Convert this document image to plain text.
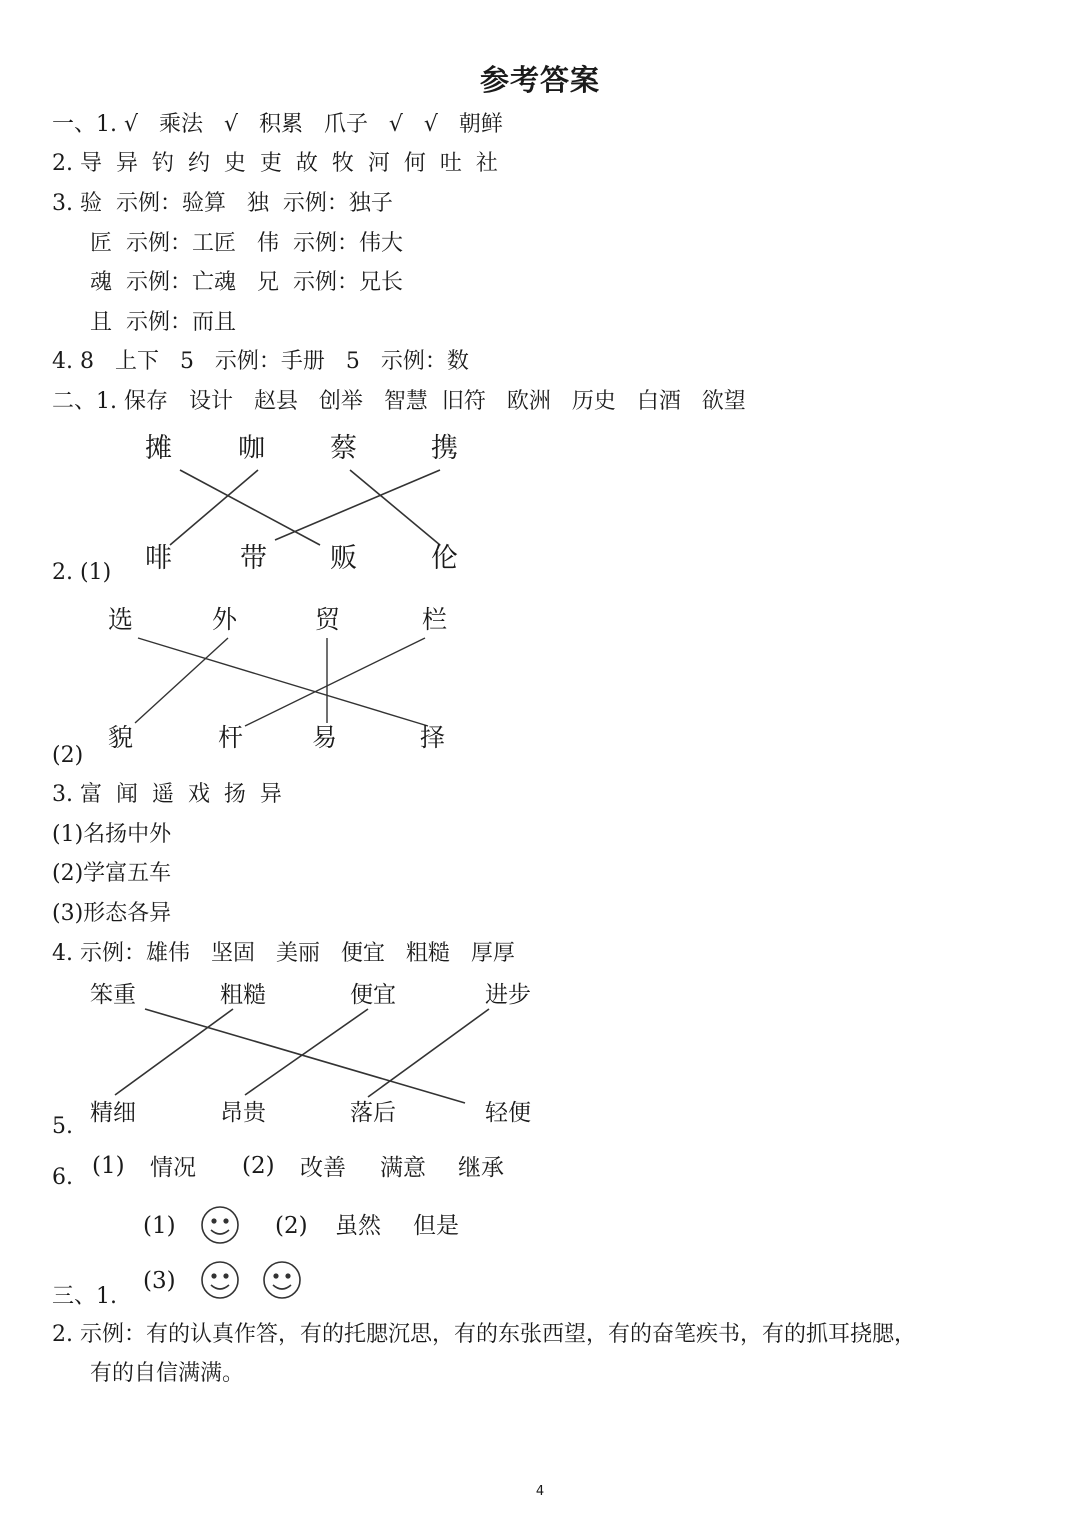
参考答案
一、1. √   乘法   √   积累   爪子   √   √   朝鲜
2. 导  异  钓  约  史  吏  故  牧  河  何  吐  社
3. 验  示例：验算   独  示例：独子
匠  示例：工匠   伟  示例：伟大
魂  示例：亡魂   兄  示例：兄长
且  示例：而且
4. 8   上下   5   示例：手册   5   示例：数
二、1. 保存   设计   赵县   创举   智慧  旧符   欧洲   历史   白酒   欲望
摊 咖 蔡	携
啡	带 贩	伦
2. (1)
选	外	贸	栏
貌	杆	易	择
(2)
3. 富  闻  遥  戏  扬  异
(1)名扬中外
(2)学富五车
(3)形态各异
4. 示例：雄伟   坚固   美丽   便宜   粗糙   厚厚
笨重	粗糙	便宜	进步
精细	昂贵	落后	轻便
5.
(1) 情况 (2) 改善 满意 继承
6.
(1)	(2) 虽然 但是
(3)
三、1.
2. 示例：有的认真作答，有的托腮沉思，有的东张西望，有的奋笔疾书，有的抓耳挠腮，
有的自信满满。
4
